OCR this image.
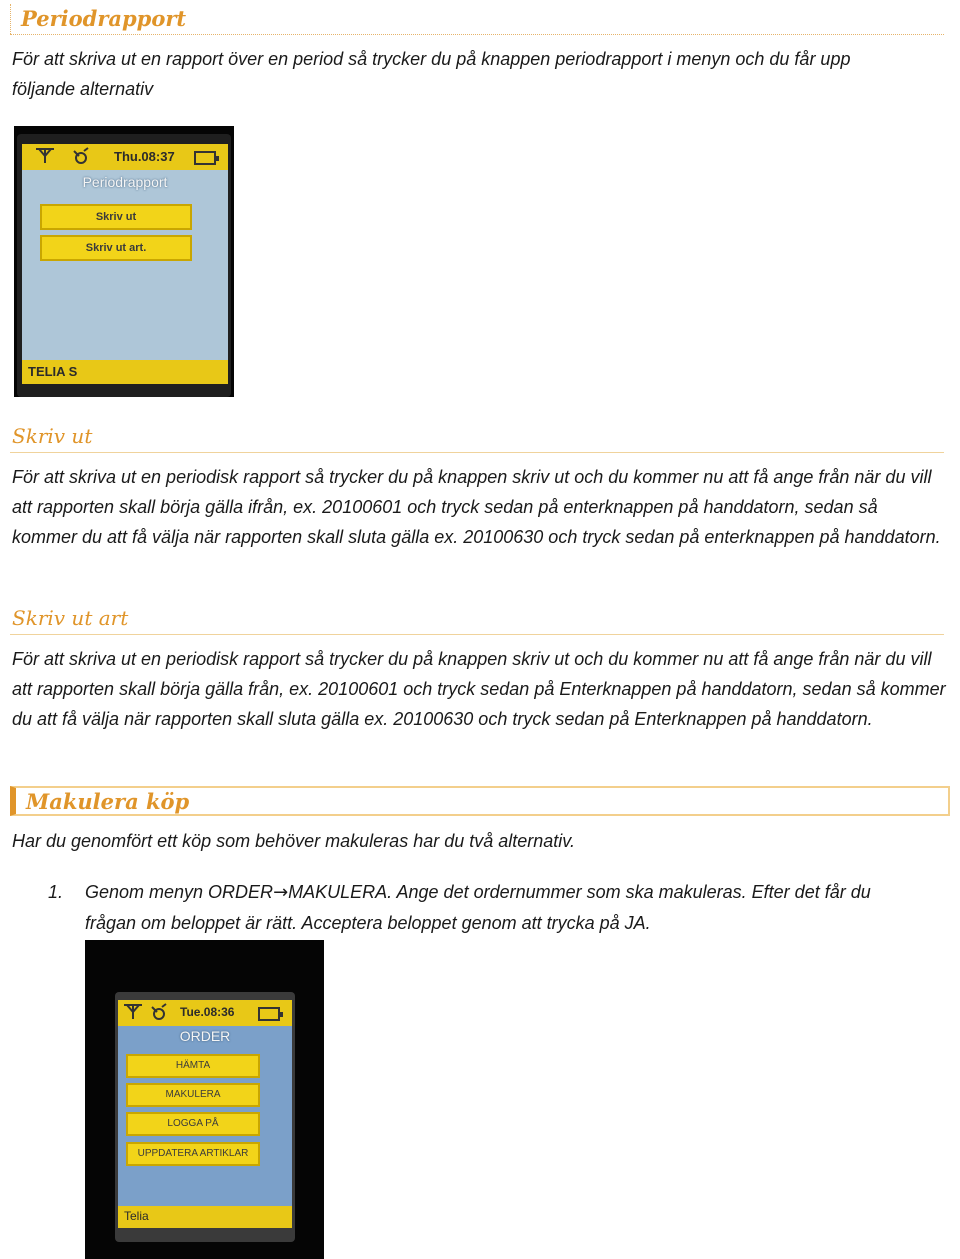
Periodrapport

För att skriva ut en rapport över en period så trycker du på knappen periodrapport i menyn och du får upp följande alternativ

Thu.08:37
Periodrapport
Skriv ut
Skriv ut art.
TELIA S
Skriv ut

För att skriva ut en periodisk rapport så trycker du på knappen skriv ut och du kommer nu att få ange från när du vill att rapporten skall börja gälla ifrån, ex. 20100601 och tryck sedan på enterknappen på handdatorn, sedan så kommer du att få välja när rapporten skall sluta gälla ex. 20100630 och tryck sedan på enterknappen på handdatorn.

Skriv ut art

För att skriva ut en periodisk rapport så trycker du på knappen skriv ut och du kommer nu att få ange från när du vill att rapporten skall börja gälla från, ex. 20100601 och tryck sedan på Enterknappen på handdatorn, sedan så kommer du att få välja när rapporten skall sluta gälla ex. 20100630 och tryck sedan på Enterknappen på handdatorn.

Makulera köp

Har du genomfört ett köp som behöver makuleras har du två alternativ.

1. Genom menyn ORDER→MAKULERA. Ange det ordernummer som ska makuleras. Efter det får du frågan om beloppet är rätt. Acceptera beloppet genom att trycka på JA.
Tue.08:36
ORDER
HÄMTA
MAKULERA
LOGGA PÅ
UPPDATERA ARTIKLAR
Telia
